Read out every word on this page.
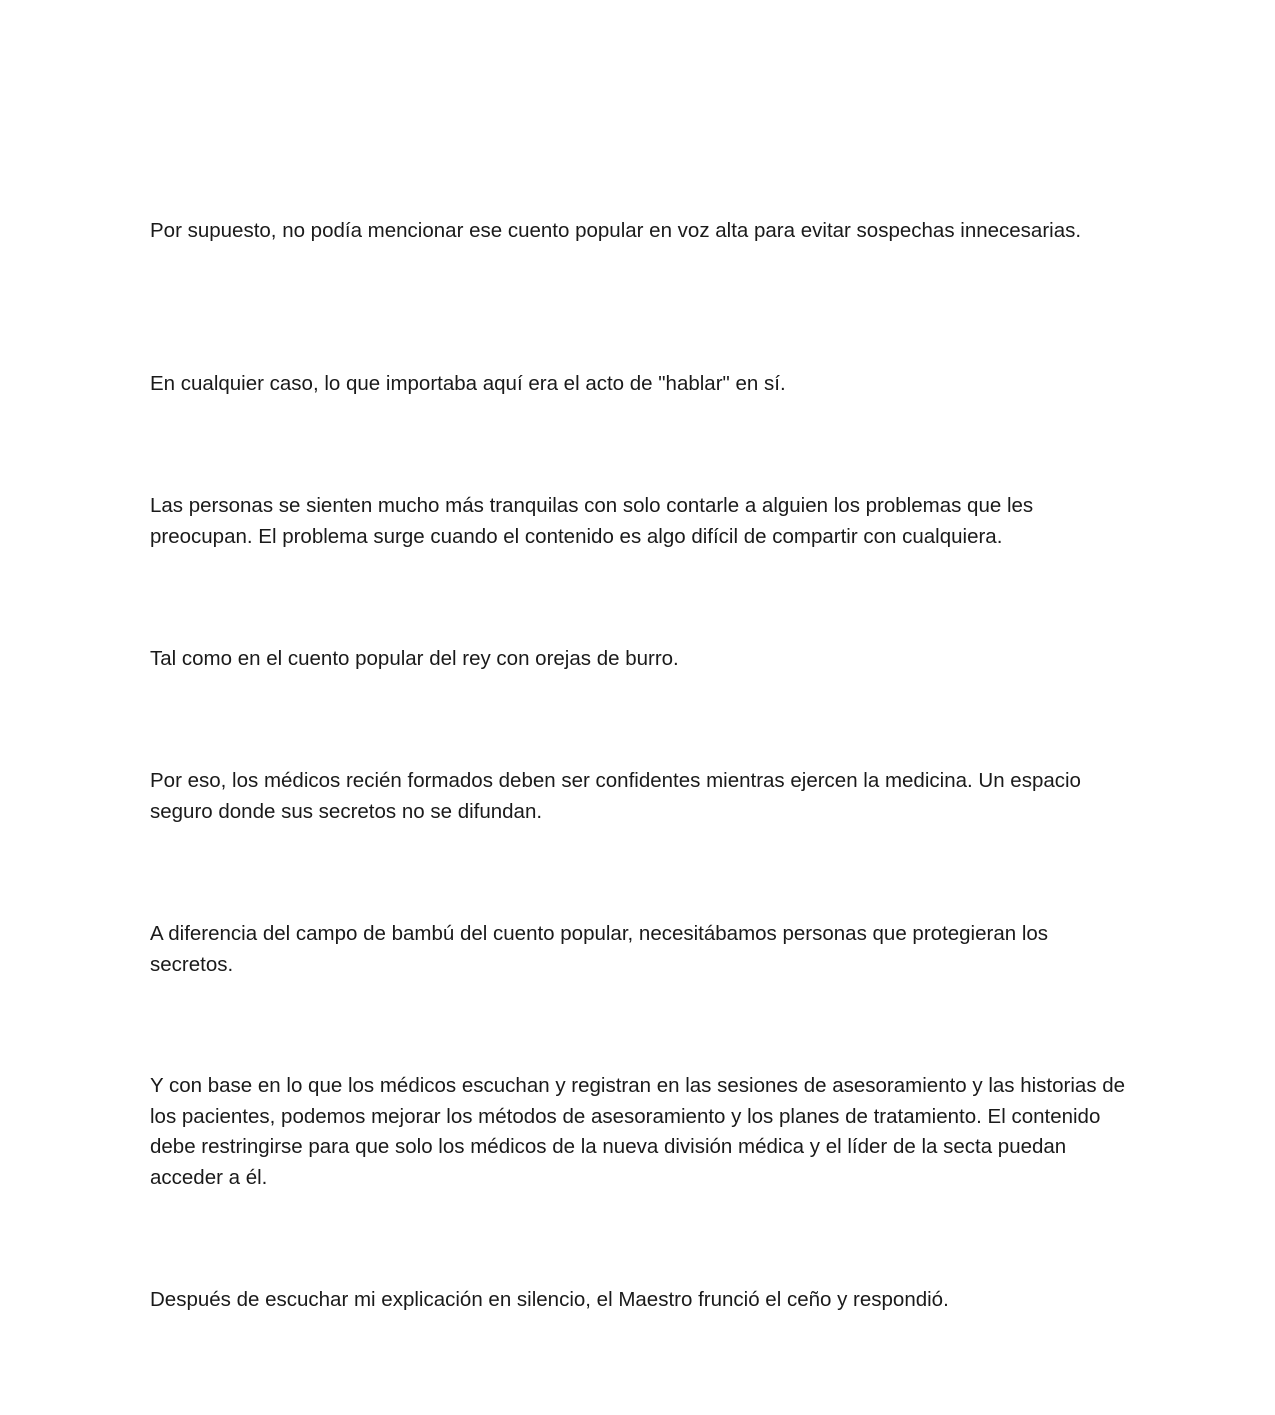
Por supuesto, no podía mencionar ese cuento popular en voz alta para evitar sospechas innecesarias.

En cualquier caso, lo que importaba aquí era el acto de "hablar" en sí.

Las personas se sienten mucho más tranquilas con solo contarle a alguien los problemas que les preocupan. El problema surge cuando el contenido es algo difícil de compartir con cualquiera.

Tal como en el cuento popular del rey con orejas de burro.

Por eso, los médicos recién formados deben ser confidentes mientras ejercen la medicina. Un espacio seguro donde sus secretos no se difundan.

A diferencia del campo de bambú del cuento popular, necesitábamos personas que protegieran los secretos.

Y con base en lo que los médicos escuchan y registran en las sesiones de asesoramiento y las historias de los pacientes, podemos mejorar los métodos de asesoramiento y los planes de tratamiento. El contenido debe restringirse para que solo los médicos de la nueva división médica y el líder de la secta puedan acceder a él.

Después de escuchar mi explicación en silencio, el Maestro frunció el ceño y respondió.
